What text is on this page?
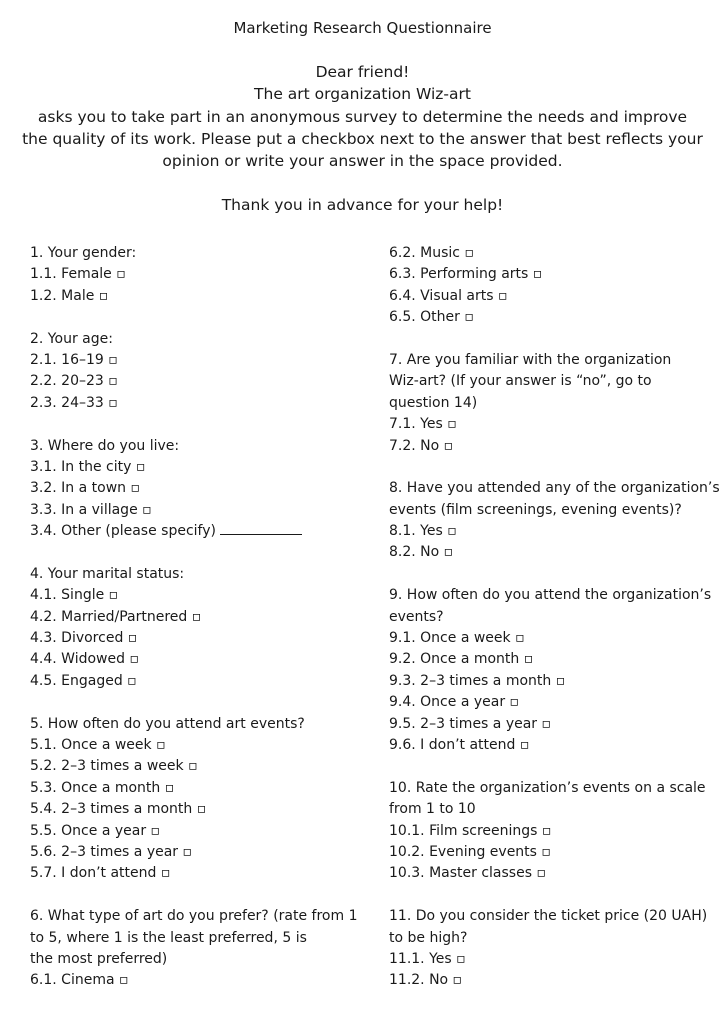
Marketing Research Questionnaire
Dear friend!
The art organization Wiz-art
asks you to take part in an anonymous survey to determine the needs and improve
the quality of its work. Please put a checkbox next to the answer that best reflects your
opinion or write your answer in the space provided.
Thank you in advance for your help!
1. Your gender:
1.1. Female ▫
1.2. Male ▫
2. Your age:
2.1. 16–19 ▫
2.2. 20–23 ▫
2.3. 24–33 ▫
3. Where do you live:
3.1. In the city ▫
3.2. In a town ▫
3.3. In a village ▫
3.4. Other (please specify)
4. Your marital status:
4.1. Single ▫
4.2. Married/Partnered ▫
4.3. Divorced ▫
4.4. Widowed ▫
4.5. Engaged ▫
5. How often do you attend art events?
5.1. Once a week ▫
5.2. 2–3 times a week ▫
5.3. Once a month ▫
5.4. 2–3 times a month ▫
5.5. Once a year ▫
5.6. 2–3 times a year ▫
5.7. I don’t attend ▫
6. What type of art do you prefer? (rate from 1
to 5, where 1 is the least preferred, 5 is
the most preferred)
6.1. Cinema ▫
6.2. Music ▫
6.3. Performing arts ▫
6.4. Visual arts ▫
6.5. Other ▫
7. Are you familiar with the organization
Wiz-art? (If your answer is “no”, go to
question 14)
7.1. Yes ▫
7.2. No ▫
8. Have you attended any of the organization’s
events (film screenings, evening events)?
8.1. Yes ▫
8.2. No ▫
9. How often do you attend the organization’s
events?
9.1. Once a week ▫
9.2. Once a month ▫
9.3. 2–3 times a month ▫
9.4. Once a year ▫
9.5. 2–3 times a year ▫
9.6. I don’t attend ▫
10. Rate the organization’s events on a scale
from 1 to 10
10.1. Film screenings ▫
10.2. Evening events ▫
10.3. Master classes ▫
11. Do you consider the ticket price (20 UAH)
to be high?
11.1. Yes ▫
11.2. No ▫
